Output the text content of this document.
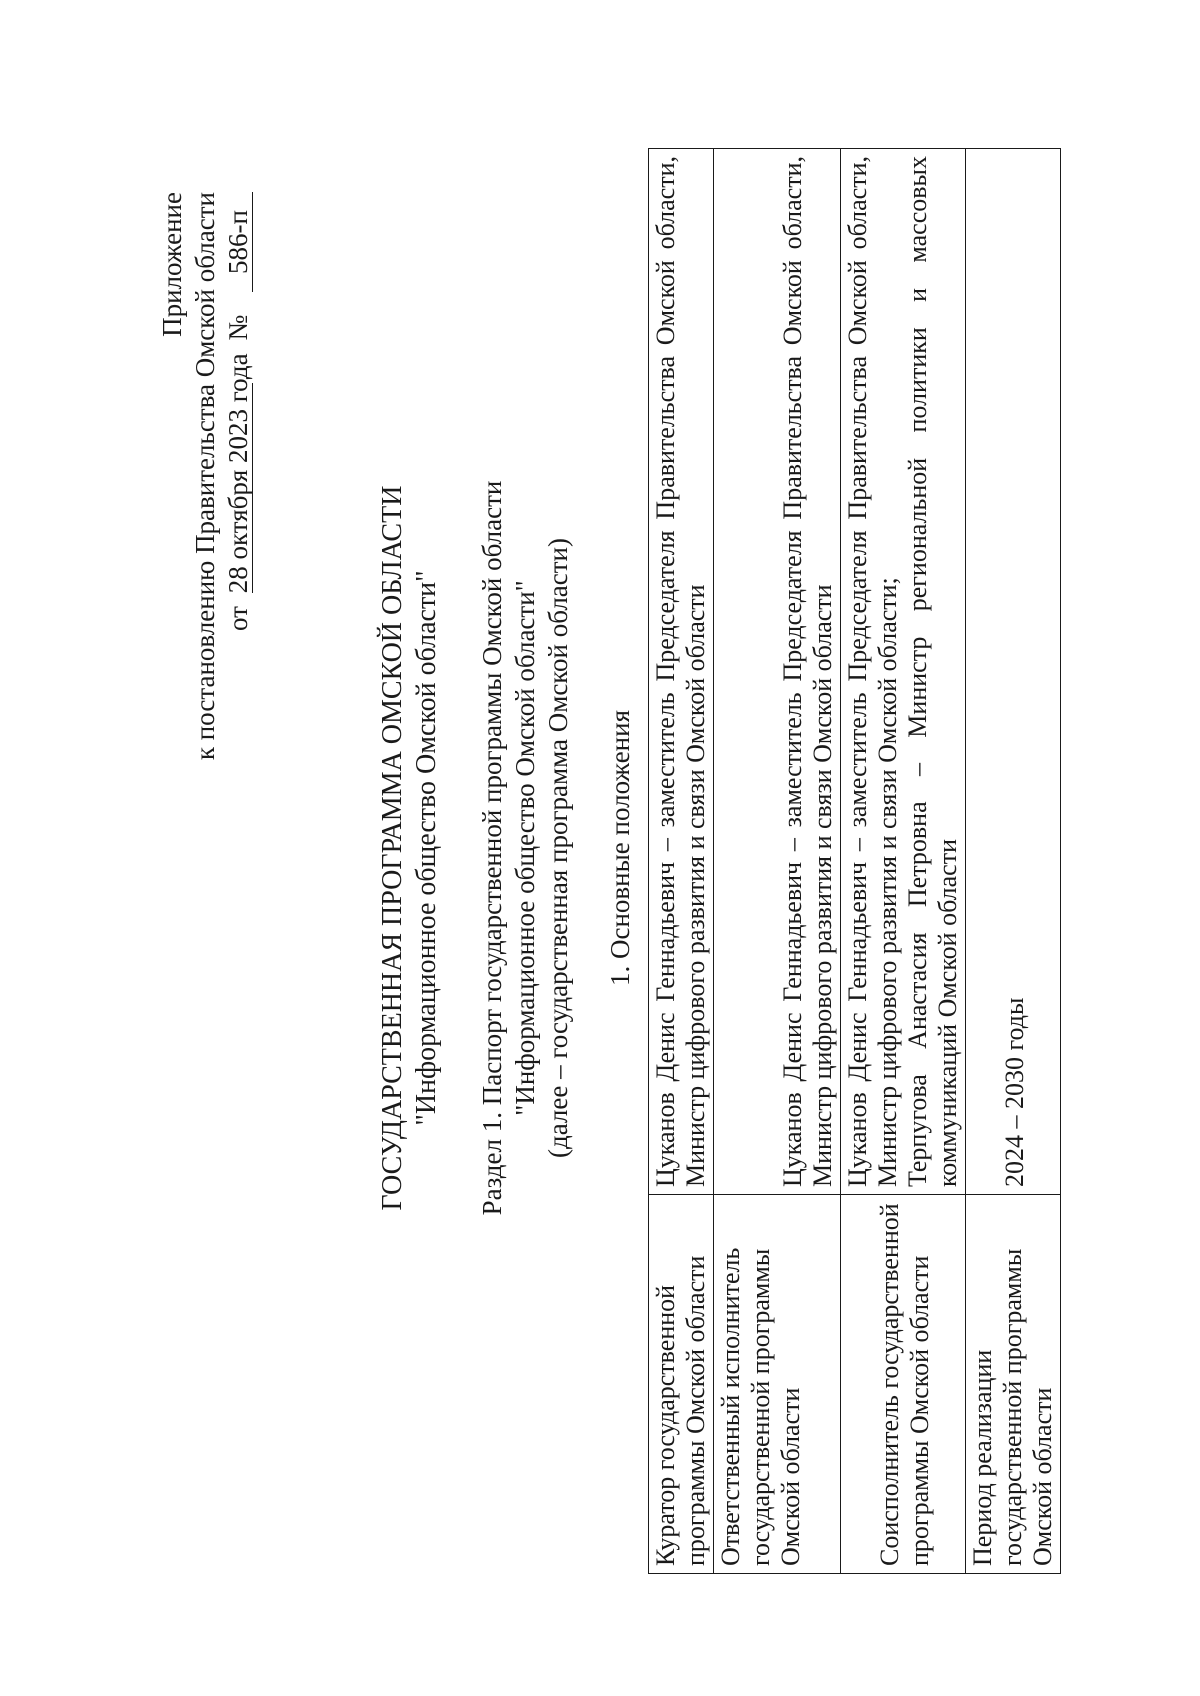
Приложение к постановлению Правительства Омской области от 28 октября 2023 года № 586-п
ГОСУДАРСТВЕННАЯ ПРОГРАММА ОМСКОЙ ОБЛАСТИ "Информационное общество Омской области" Раздел 1. Паспорт государственной программы Омской области "Информационное общество Омской области" (далее – государственная программа Омской области) 1. Основные положения
Куратор государственной программы Омской области	Цуканов Денис Геннадьевич – заместитель Председателя Правительства Омской области, Министр цифрового развития и связи Омской области

Ответственный исполнитель государственной программы Омской области	Цуканов Денис Геннадьевич – заместитель Председателя Правительства Омской области, Министр цифрового развития и связи Омской области

Соисполнитель государственной программы Омской области	Цуканов Денис Геннадьевич – заместитель Председателя Правительства Омской области, Министр цифрового развития и связи Омской области; Терпугова Анастасия Петровна – Министр региональной политики и массовых коммуникаций Омской области

Период реализации государственной программы Омской области	2024 – 2030 годы
